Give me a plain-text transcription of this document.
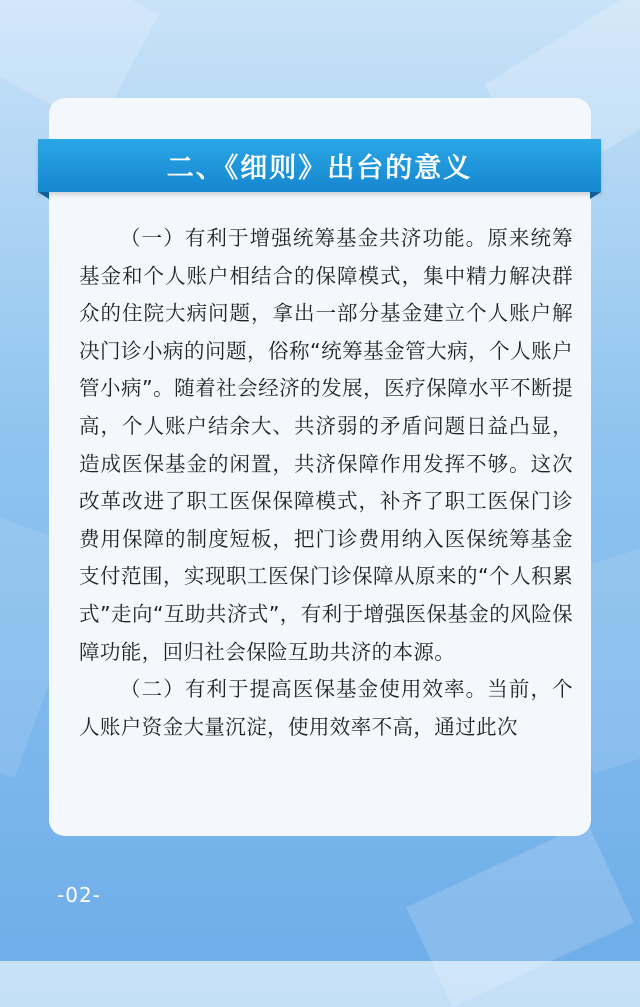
二、《细则》出台的意义

（一）有利于增强统筹基金共济功能。原来统筹基金和个人账户相结合的保障模式，集中精力解决群众的住院大病问题，拿出一部分基金建立个人账户解决门诊小病的问题，俗称“统筹基金管大病，个人账户管小病”。随着社会经济的发展，医疗保障水平不断提高，个人账户结余大、共济弱的矛盾问题日益凸显，造成医保基金的闲置，共济保障作用发挥不够。这次改革改进了职工医保保障模式，补齐了职工医保门诊费用保障的制度短板，把门诊费用纳入医保统筹基金支付范围，实现职工医保门诊保障从原来的“个人积累式”走向“互助共济式”，有利于增强医保基金的风险保障功能，回归社会保险互助共济的本源。

（二）有利于提高医保基金使用效率。当前，个人账户资金大量沉淀，使用效率不高，通过此次

-02-
